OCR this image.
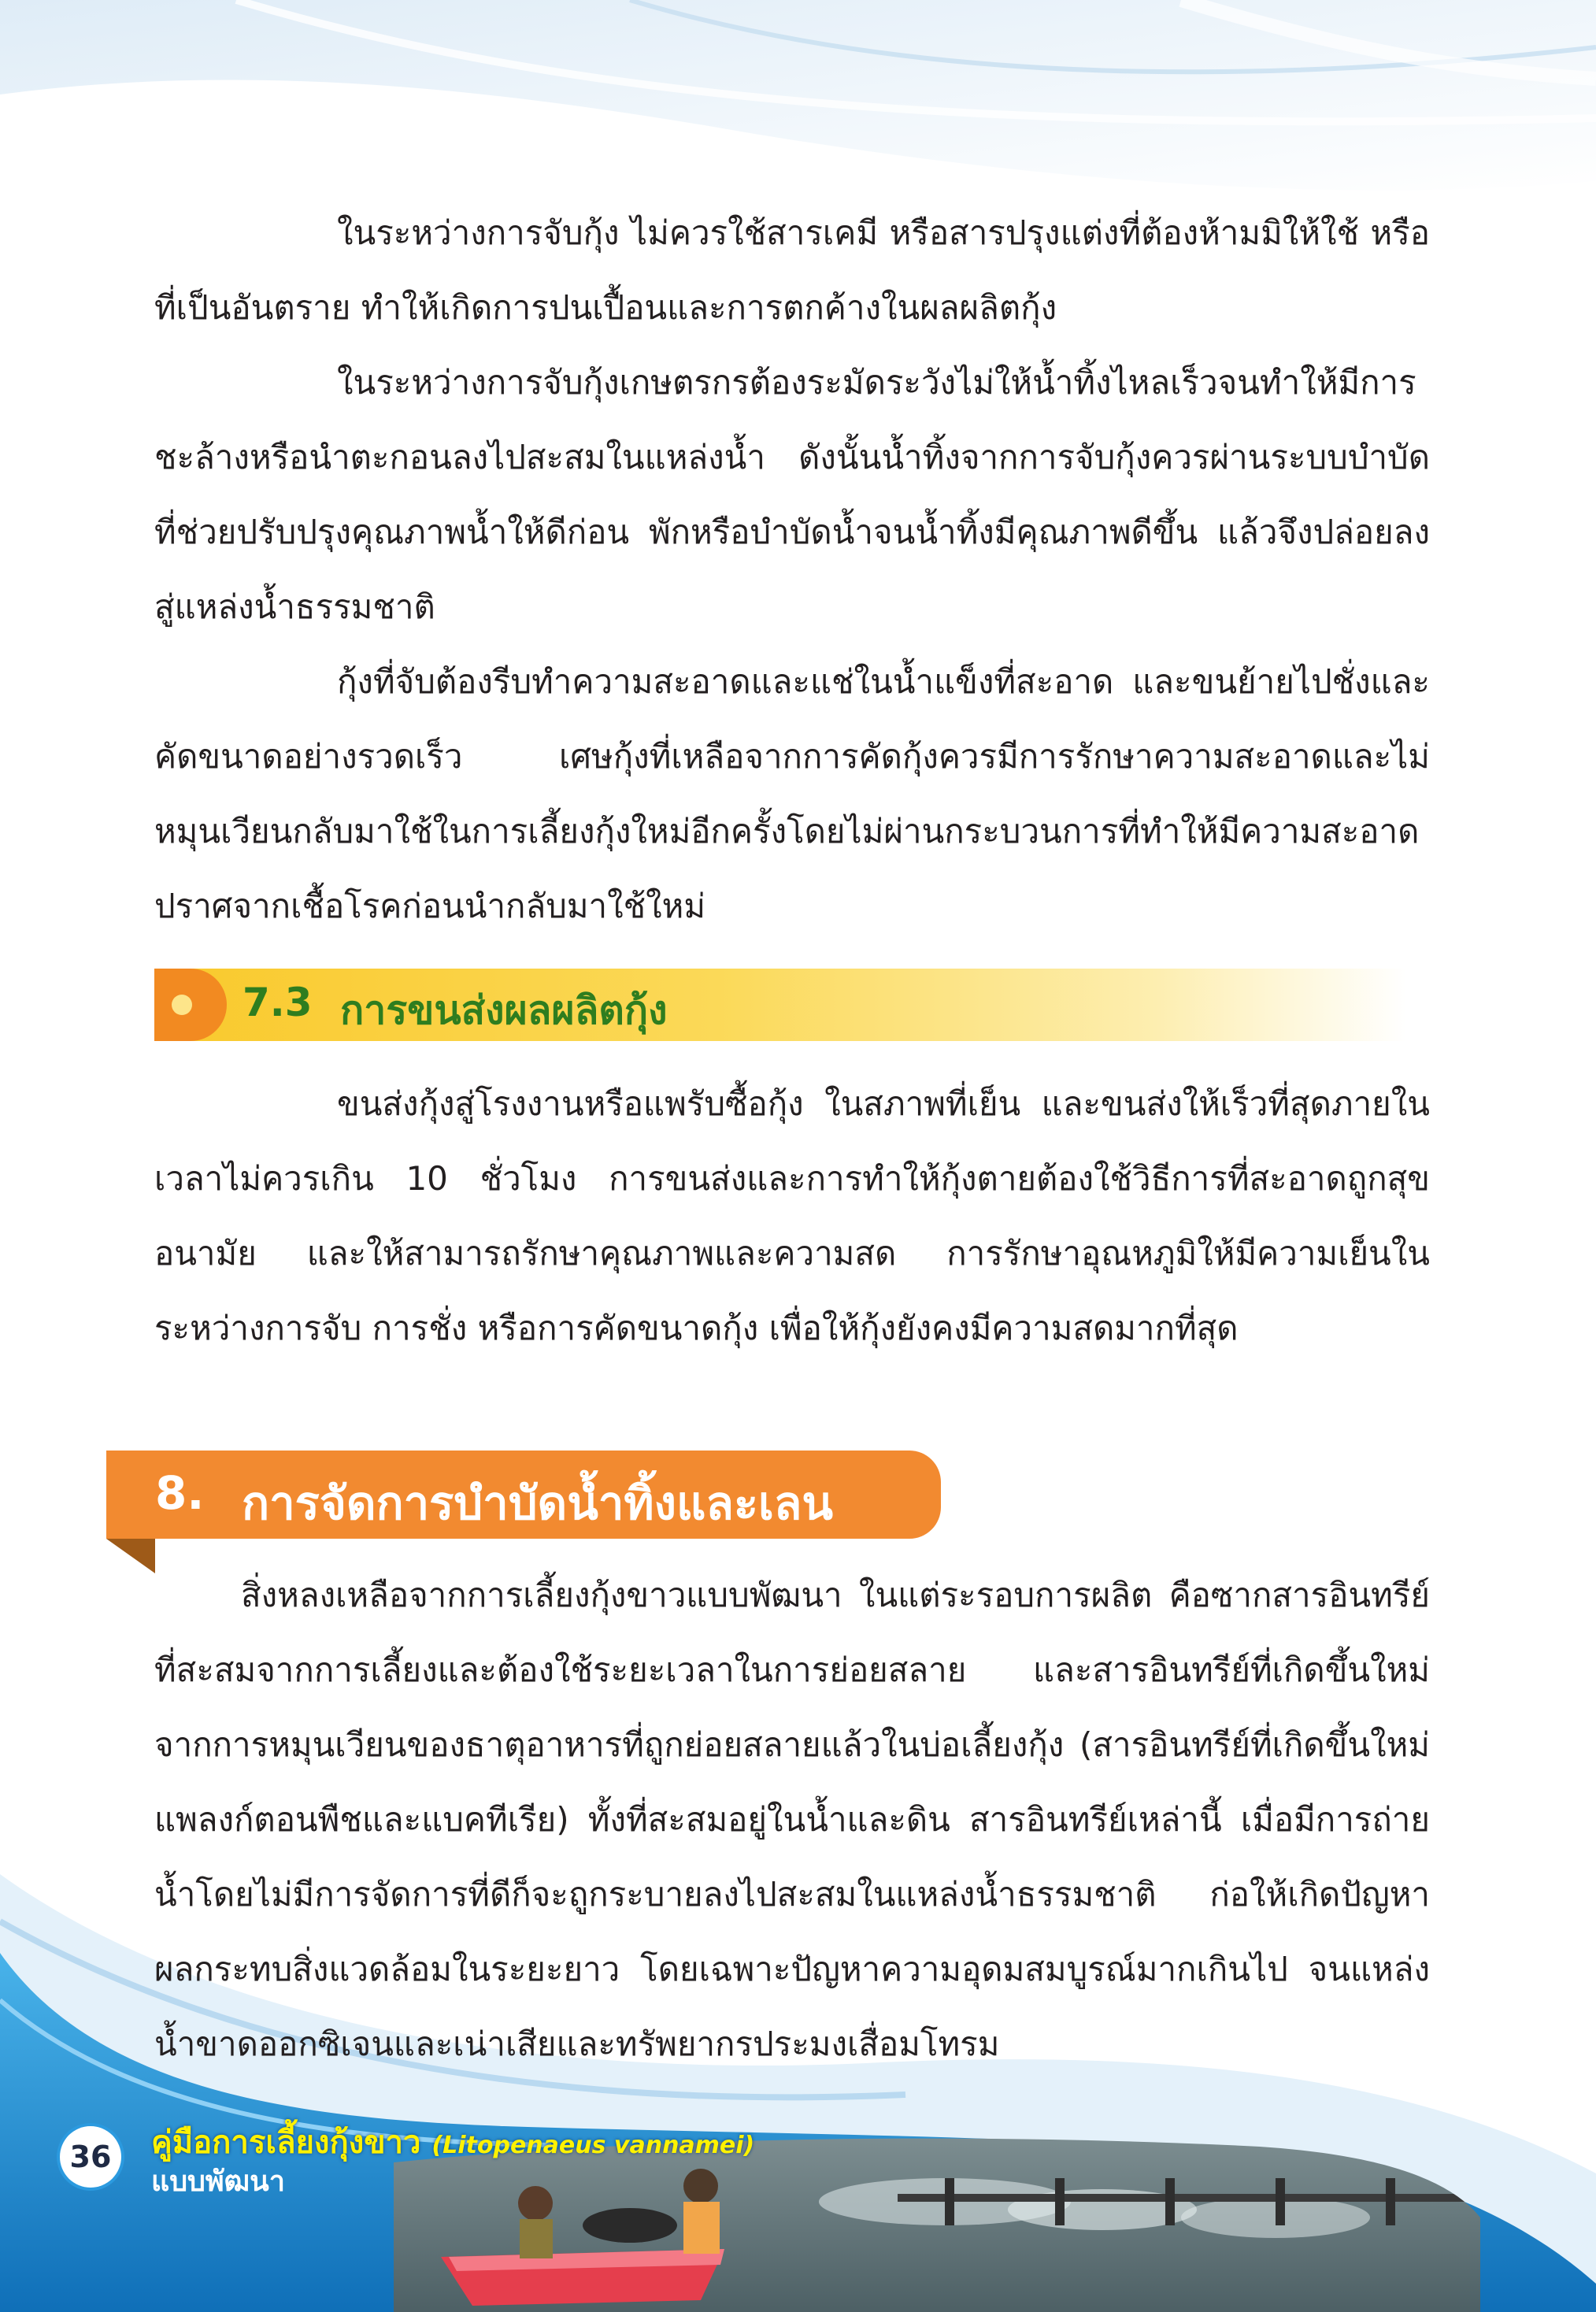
ในระหว่างการจับกุ้ง ไม่ควรใช้สารเคมี หรือสารปรุงแต่งที่ต้องห้ามมิให้ใช้ หรือที่เป็นอันตราย ทำให้เกิดการปนเปื้อนและการตกค้างในผลผลิตกุ้ง

ในระหว่างการจับกุ้งเกษตรกรต้องระมัดระวังไม่ให้น้ำทิ้งไหลเร็วจนทำให้มีการชะล้างหรือนำตะกอนลงไปสะสมในแหล่งน้ำ ดังนั้นน้ำทิ้งจากการจับกุ้งควรผ่านระบบบำบัด ที่ช่วยปรับปรุงคุณภาพน้ำให้ดีก่อน พักหรือบำบัดน้ำจนน้ำทิ้งมีคุณภาพดีขึ้น แล้วจึงปล่อยลงสู่แหล่งน้ำธรรมชาติ

กุ้งที่จับต้องรีบทำความสะอาดและแช่ในน้ำแข็งที่สะอาด และขนย้ายไปชั่งและคัดขนาดอย่างรวดเร็ว เศษกุ้งที่เหลือจากการคัดกุ้งควรมีการรักษาความสะอาดและไม่หมุนเวียนกลับมาใช้ในการเลี้ยงกุ้งใหม่อีกครั้งโดยไม่ผ่านกระบวนการที่ทำให้มีความสะอาดปราศจากเชื้อโรคก่อนนำกลับมาใช้ใหม่

7.3 การขนส่งผลผลิตกุ้ง

ขนส่งกุ้งสู่โรงงานหรือแพรับซื้อกุ้ง ในสภาพที่เย็น และขนส่งให้เร็วที่สุดภายในเวลาไม่ควรเกิน 10 ชั่วโมง การขนส่งและการทำให้กุ้งตายต้องใช้วิธีการที่สะอาดถูกสุขอนามัย และให้สามารถรักษาคุณภาพและความสด การรักษาอุณหภูมิให้มีความเย็นในระหว่างการจับ การชั่ง หรือการคัดขนาดกุ้ง เพื่อให้กุ้งยังคงมีความสดมากที่สุด

8. การจัดการบำบัดน้ำทิ้งและเลน

สิ่งหลงเหลือจากการเลี้ยงกุ้งขาวแบบพัฒนา ในแต่ระรอบการผลิต คือซากสารอินทรีย์ที่สะสมจากการเลี้ยงและต้องใช้ระยะเวลาในการย่อยสลาย และสารอินทรีย์ที่เกิดขึ้นใหม่จากการหมุนเวียนของธาตุอาหารที่ถูกย่อยสลายแล้วในบ่อเลี้ยงกุ้ง (สารอินทรีย์ที่เกิดขึ้นใหม่ แพลงก์ตอนพืชและแบคทีเรีย) ทั้งที่สะสมอยู่ในน้ำและดิน สารอินทรีย์เหล่านี้ เมื่อมีการถ่ายน้ำโดยไม่มีการจัดการที่ดีก็จะถูกระบายลงไปสะสมในแหล่งน้ำธรรมชาติ ก่อให้เกิดปัญหาผลกระทบสิ่งแวดล้อมในระยะยาว โดยเฉพาะปัญหาความอุดมสมบูรณ์มากเกินไป จนแหล่งน้ำขาดออกซิเจนและเน่าเสียและทรัพยากรประมงเสื่อมโทรม

36	คู่มือการเลี้ยงกุ้งขาว (Litopenaeus vannamei)
แบบพัฒนา
